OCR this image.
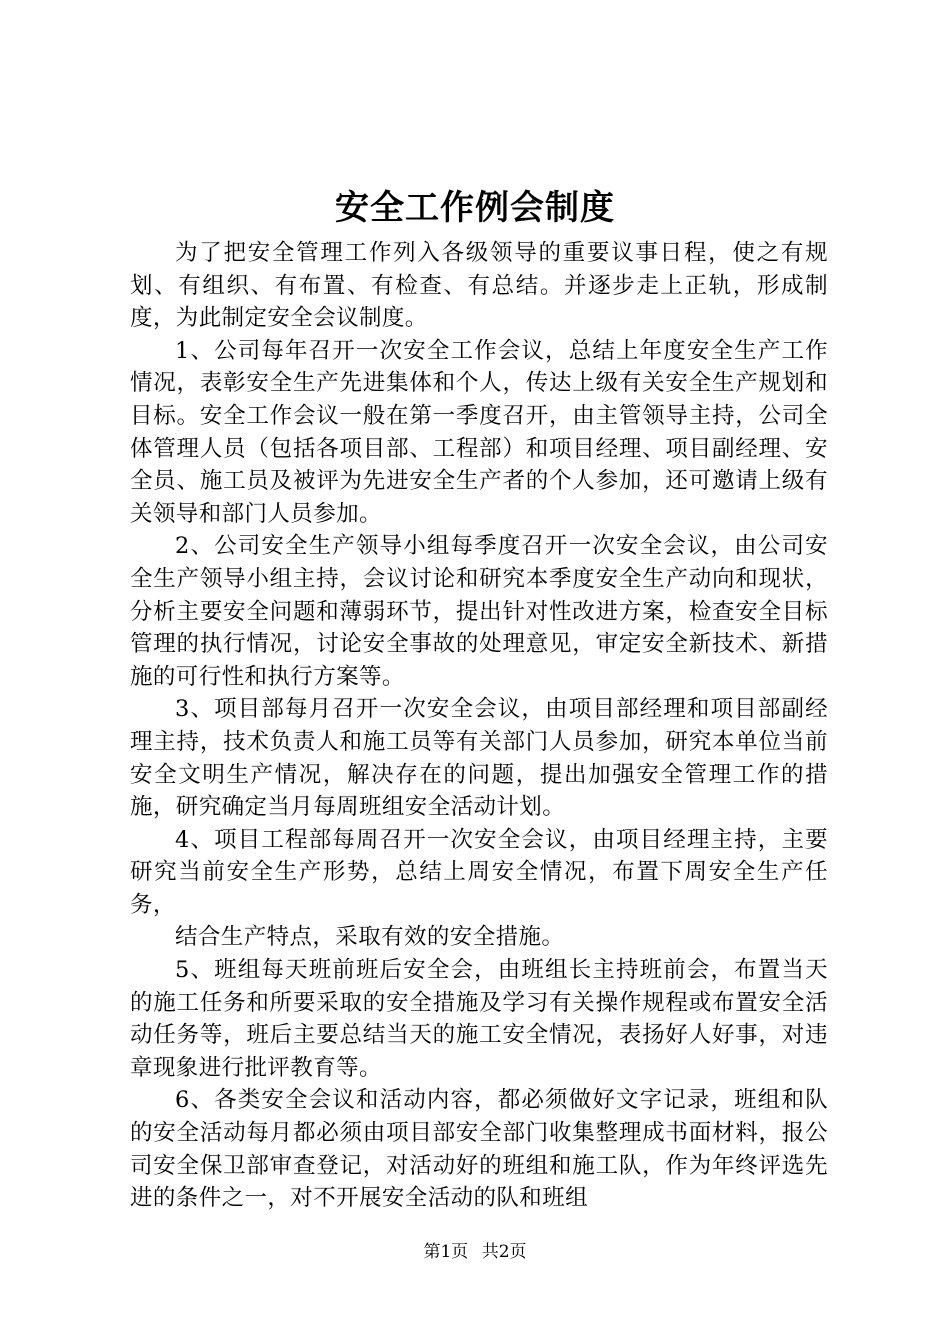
安全工作例会制度

为了把安全管理工作列入各级领导的重要议事日程，使之有规划、有组织、有布置、有检查、有总结。并逐步走上正轨，形成制度，为此制定安全会议制度。

1、公司每年召开一次安全工作会议，总结上年度安全生产工作情况，表彰安全生产先进集体和个人，传达上级有关安全生产规划和目标。安全工作会议一般在第一季度召开，由主管领导主持，公司全体管理人员（包括各项目部、工程部）和项目经理、项目副经理、安全员、施工员及被评为先进安全生产者的个人参加，还可邀请上级有关领导和部门人员参加。

2、公司安全生产领导小组每季度召开一次安全会议，由公司安全生产领导小组主持，会议讨论和研究本季度安全生产动向和现状，分析主要安全问题和薄弱环节，提出针对性改进方案，检查安全目标管理的执行情况，讨论安全事故的处理意见，审定安全新技术、新措施的可行性和执行方案等。

3、项目部每月召开一次安全会议，由项目部经理和项目部副经理主持，技术负责人和施工员等有关部门人员参加，研究本单位当前安全文明生产情况，解决存在的问题，提出加强安全管理工作的措施，研究确定当月每周班组安全活动计划。

4、项目工程部每周召开一次安全会议，由项目经理主持，主要研究当前安全生产形势，总结上周安全情况，布置下周安全生产任务，

结合生产特点，采取有效的安全措施。

5、班组每天班前班后安全会，由班组长主持班前会，布置当天的施工任务和所要采取的安全措施及学习有关操作规程或布置安全活动任务等，班后主要总结当天的施工安全情况，表扬好人好事，对违章现象进行批评教育等。

6、各类安全会议和活动内容，都必须做好文字记录，班组和队的安全活动每月都必须由项目部安全部门收集整理成书面材料，报公司安全保卫部审查登记，对活动好的班组和施工队，作为年终评选先进的条件之一，对不开展安全活动的队和班组

第1页 共2页
